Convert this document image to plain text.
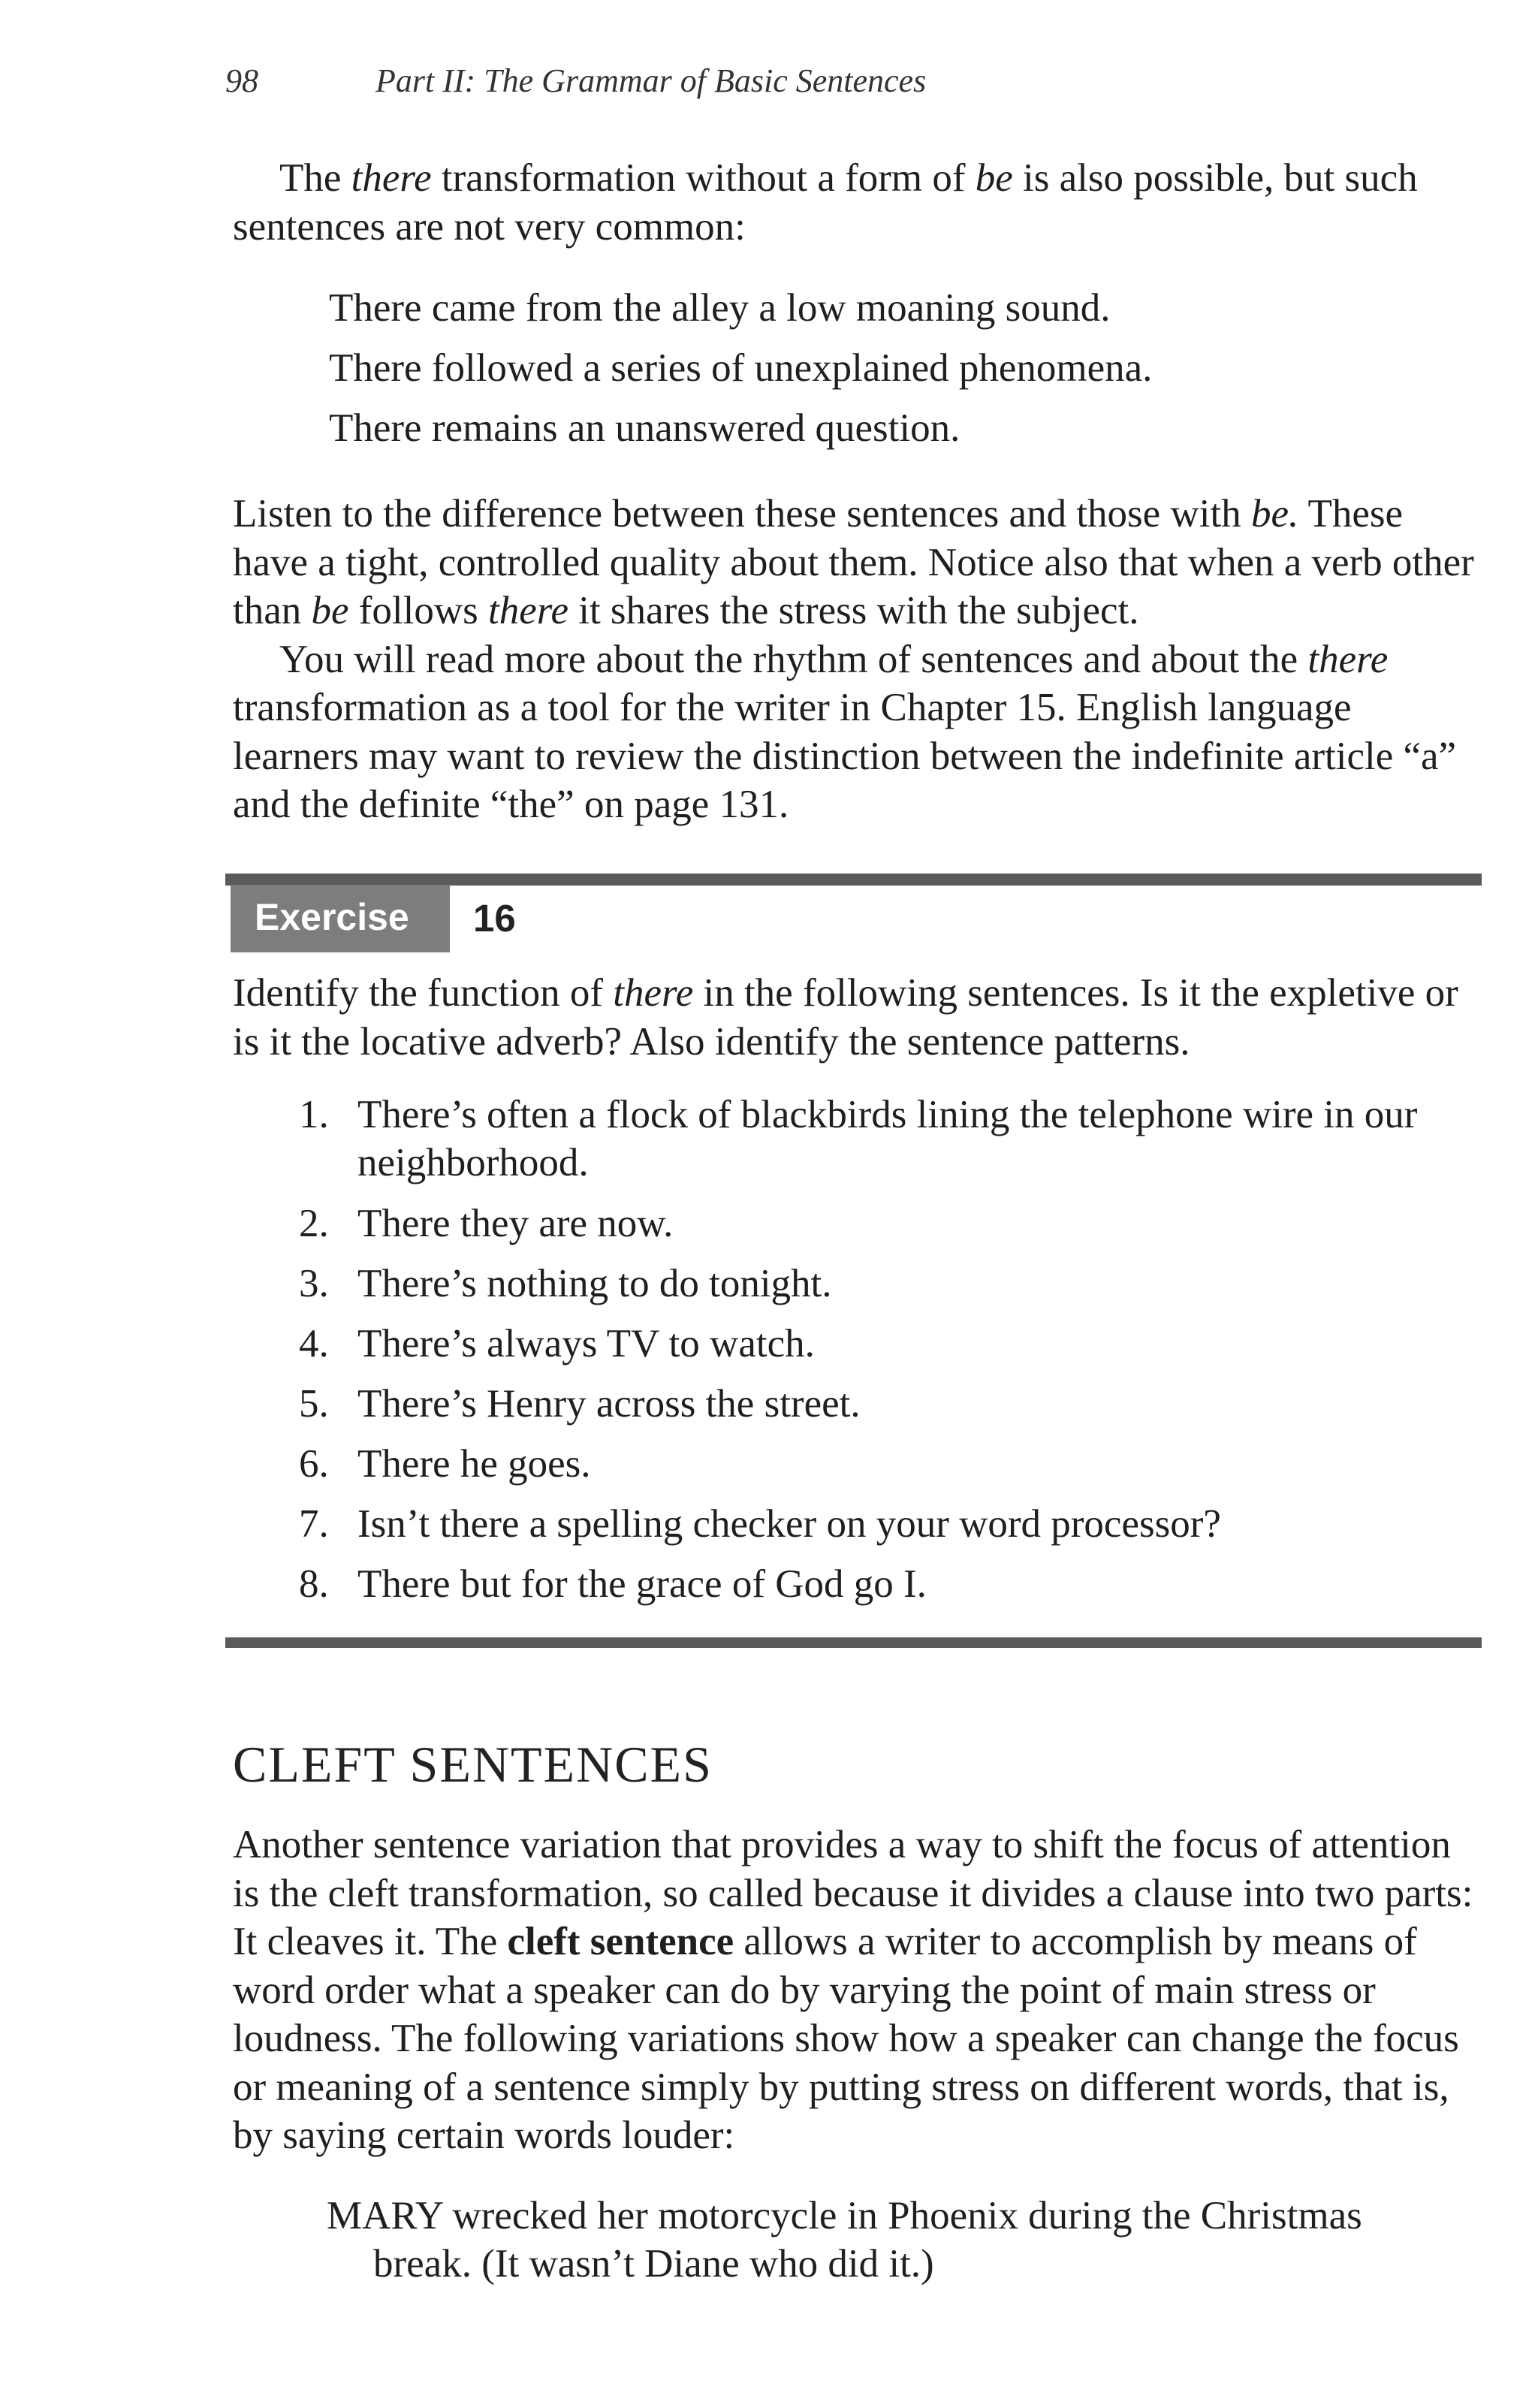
98	Part II: The Grammar of Basic Sentences
The there transformation without a form of be is also possible, but such sentences are not very common:
There came from the alley a low moaning sound.
There followed a series of unexplained phenomena.
There remains an unanswered question.

Listen to the difference between these sentences and those with be. These have a tight, controlled quality about them. Notice also that when a verb other than be follows there it shares the stress with the subject.

You will read more about the rhythm of sentences and about the there transformation as a tool for the writer in Chapter 15. English language learners may want to review the distinction between the indefinite article “a” and the definite “the” on page 131.

Exercise 16
Identify the function of there in the following sentences. Is it the expletive or is it the locative adverb? Also identify the sentence patterns.
1. There’s often a flock of blackbirds lining the telephone wire in our
neighborhood.
2. There they are now.
3. There’s nothing to do tonight.
4. There’s always TV to watch.
5. There’s Henry across the street.
6. There he goes.
7. Isn’t there a spelling checker on your word processor?
8. There but for the grace of God go I.
CLEFT SENTENCES
Another sentence variation that provides a way to shift the focus of attention is the cleft transformation, so called because it divides a clause into two parts: It cleaves it. The cleft sentence allows a writer to accomplish by means of word order what a speaker can do by varying the point of main stress or loudness. The following variations show how a speaker can change the focus or meaning of a sentence simply by putting stress on different words, that is, by saying certain words louder:
MARY wrecked her motorcycle in Phoenix during the Christmas
break. (It wasn’t Diane who did it.)
